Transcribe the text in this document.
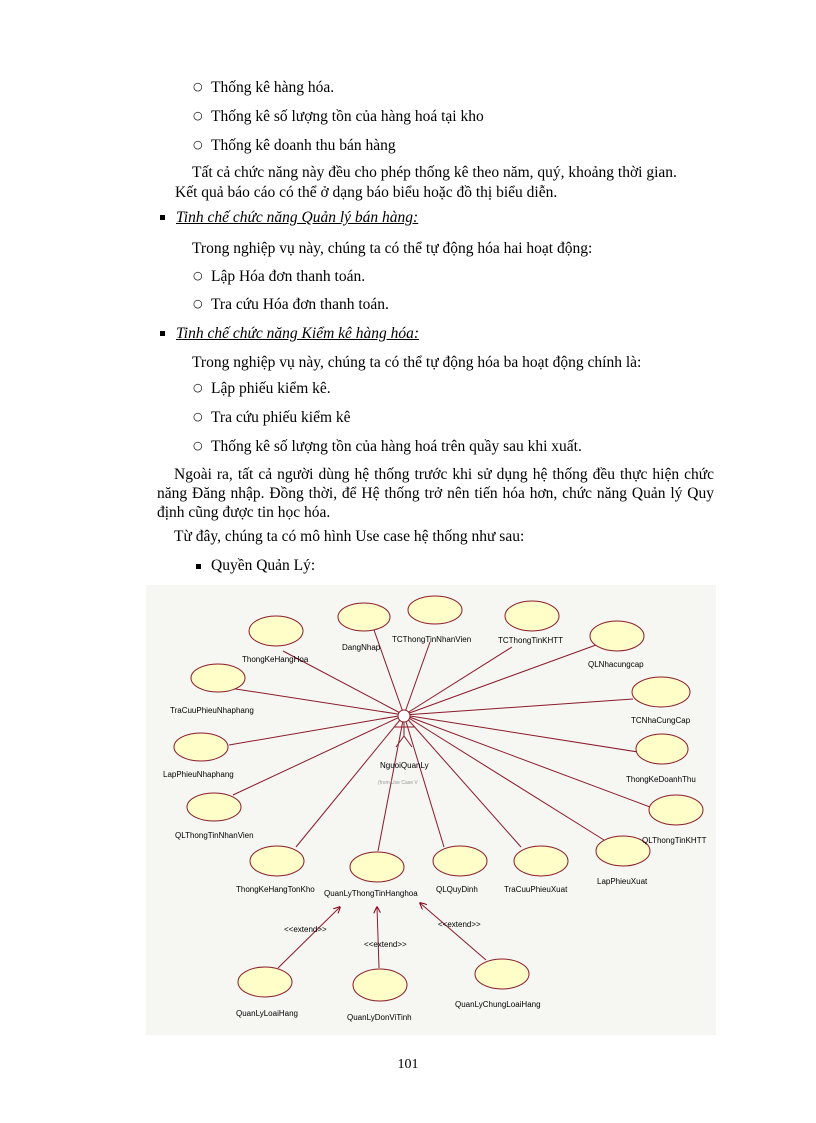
○ Thống kê hàng hóa.
○ Thống kê số lượng tồn của hàng hoá tại kho
○ Thống kê doanh thu bán hàng
Tất cả chức năng này đều cho phép thống kê theo năm, quý, khoảng thời gian.
Kết quả báo cáo có thể ở dạng báo biểu hoặc đồ thị biểu diễn.
Tinh chế chức năng Quản lý bán hàng:
Trong nghiệp vụ này, chúng ta có thể tự động hóa hai hoạt động:
○ Lập Hóa đơn thanh toán.
○ Tra cứu Hóa đơn thanh toán.
Tinh chế chức năng Kiểm kê hàng hóa:
Trong nghiệp vụ này, chúng ta có thể tự động hóa ba hoạt động chính là:
○ Lập phiếu kiểm kê.
○ Tra cứu phiếu kiểm kê
○ Thống kê số lượng tồn của hàng hoá trên quầy sau khi xuất.
Ngoài ra, tất cả người dùng hệ thống trước khi sử dụng hệ thống đều thực hiện chức năng Đăng nhập. Đồng thời, để Hệ thống trở nên tiến hóa hơn, chức năng Quản lý Quy định cũng được tin học hóa.
Từ đây, chúng ta có mô hình Use case hệ thống như sau:
Quyền Quản Lý:
ThongKeHangHoa
DangNhap
TCThongTinNhanVien	TCThongTinKHTT
QLNhacungcap
TraCuuPhieuNhaphang
TCNhaCungCap
LapPhieuNhaphang
ThongKeDoanhThu
QLThongTinNhanVien
QLThongTinKHTT
ThongKeHangTonKho QuanLyThongTinHanghoa QLQuyDinh	TraCuuPhieuXuat
LapPhieuXuat
QuanLyLoaiHang	QuanLyDonViTinh
QuanLyChungLoaiHang
NguoiQuanLy
(from Use Case V
<<extend>>
<<extend>>
<<extend>>
101
